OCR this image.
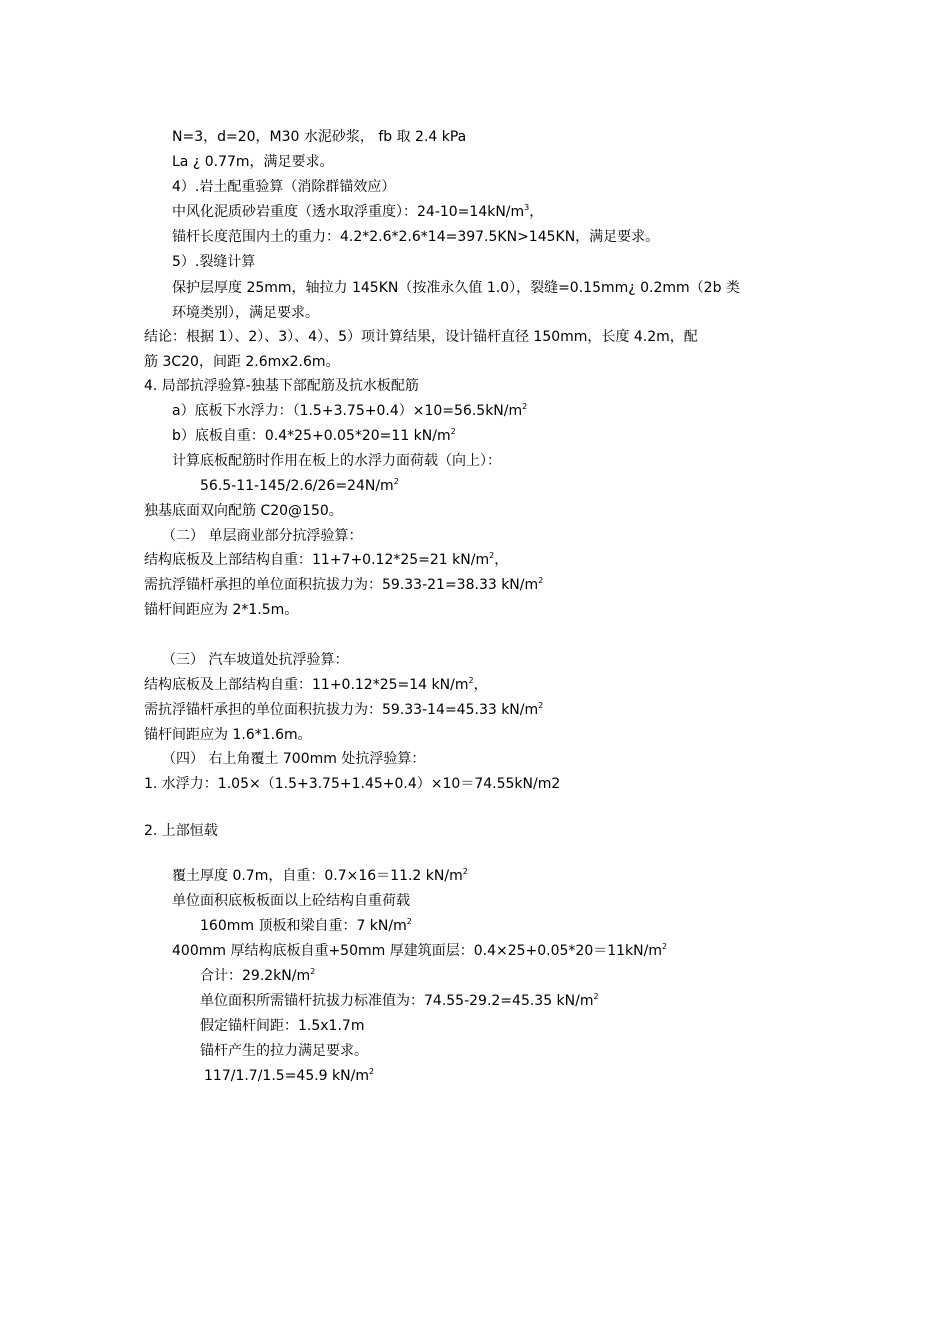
N=3，d=20，M30 水泥砂浆， fb 取 2.4 kPa
La ¿ 0.77m，满足要求。
4）.岩土配重验算（消除群锚效应）
中风化泥质砂岩重度（透水取浮重度）：$24-10=14kN/m^3$，
锚杆长度范围内土的重力：4.2*2.6*2.6*14=397.5KN>145KN，满足要求。
5）.裂缝计算
保护层厚度 25mm，轴拉力 145KN（按准永久值 1.0），裂缝=0.15mm¿ 0.2mm（2b 类
环境类别），满足要求。
结论：根据 1）、2）、3）、4）、5）项计算结果，设计锚杆直径 150mm，长度 4.2m，配
筋 3C20，间距 2.6mx2.6m。
4. 局部抗浮验算-独基下部配筋及抗水板配筋
a）底板下水浮力：$(1.5+3.75+0.4)\times 10=56.5kN/m^2$
b）底板自重：0.4*25+0.05*20=11 $kN/m^2$
计算底板配筋时作用在板上的水浮力面荷载（向上）：
$56.5-11-145/2.6/26=24N/m^2$
独基底面双向配筋 C20@150。
（二） 单层商业部分抗浮验算：
结构底板及上部结构自重：11+7+0.12*25=21 $kN/m^2$，
需抗浮锚杆承担的单位面积抗拔力为：59.33-21=38.33 $kN/m^2$
锚杆间距应为 2*1.5m。
（三） 汽车坡道处抗浮验算：
结构底板及上部结构自重：11+0.12*25=14 $kN/m^2$，
需抗浮锚杆承担的单位面积抗拔力为：59.33-14=45.33 $kN/m^2$
锚杆间距应为 1.6*1.6m。
（四） 右上角覆土 700mm 处抗浮验算：
1. 水浮力：1.05×（1.5+3.75+1.45+0.4）×10＝74.55kN/m2
2. 上部恒载
覆土厚度 0.7m，自重：0.7×16＝11.2 $kN/m^2$
单位面积底板板面以上砼结构自重荷载
160mm 顶板和梁自重：7 $kN/m^2$
400mm 厚结构底板自重+50mm 厚建筑面层：$0.4\times 25+0.05*20=11kN/m^2$
合计：$29.2kN/m^2$
单位面积所需锚杆抗拔力标准值为：74.55-29.2=45.35 $kN/m^2$
假定锚杆间距：1.5x1.7m
锚杆产生的拉力满足要求。
117/1.7/1.5=45.9 $kN/m^2$
